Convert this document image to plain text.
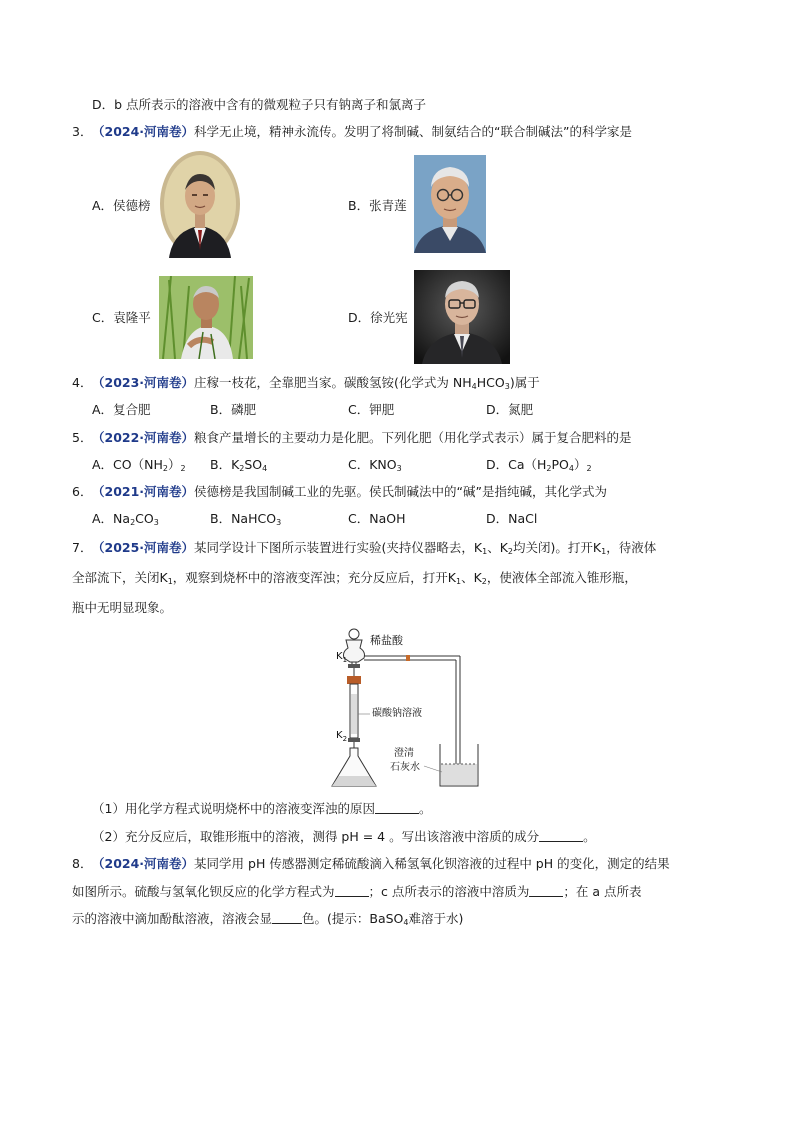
D．b 点所表示的溶液中含有的微观粒子只有钠离子和氯离子
3．（2024·河南卷）科学无止境，精神永流传。发明了将制碱、制氨结合的“联合制碱法”的科学家是
A．侯德榜	B．张青莲
C．袁隆平	D．徐光宪
4．（2023·河南卷）庄稼一枝花，全靠肥当家。碳酸氢铵(化学式为 $NH_4HCO_3$)属于
A．复合肥	B．磷肥	C．钾肥	D．氮肥
5．（2022·河南卷）粮食产量增长的主要动力是化肥。下列化肥（用化学式表示）属于复合肥料的是
A．$CO(NH_2)_2$ B．$K_2SO_4$	C．$KNO_3$	D．$Ca(H_2PO_4)_2$
6．（2021·河南卷）侯德榜是我国制碱工业的先驱。侯氏制碱法中的“碱”是指纯碱，其化学式为
A．$Na_2CO_3$	B．NaHCO$_3$	C．NaOH	D．NaCl
7．（2025·河南卷）某同学设计下图所示装置进行实验(夹持仪器略去，$K_1$、$K_2$均关闭)。打开$K_1$，待液体
全部流下，关闭$K_1$，观察到烧杯中的溶液变浑浊；充分反应后，打开$K_1$、$K_2$，使液体全部流入锥形瓶，
瓶中无明显现象。
稀盐酸
$K_1$
碳酸钠溶液
$K_2$
澄清
石灰水
（1）用化学方程式说明烧杯中的溶液变浑浊的原因	。
（2）充分反应后，取锥形瓶中的溶液，测得 pH = 4 。写出该溶液中溶质的成分	。
8．（2024·河南卷）某同学用 pH 传感器测定稀硫酸滴入稀氢氧化钡溶液的过程中 pH 的变化，测定的结果
如图所示。硫酸与氢氧化钡反应的化学方程式为	；c 点所表示的溶液中溶质为	；在 a 点所表
示的溶液中滴加酚酞溶液，溶液会显 色。(提示：BaSO$_4$难溶于水)
